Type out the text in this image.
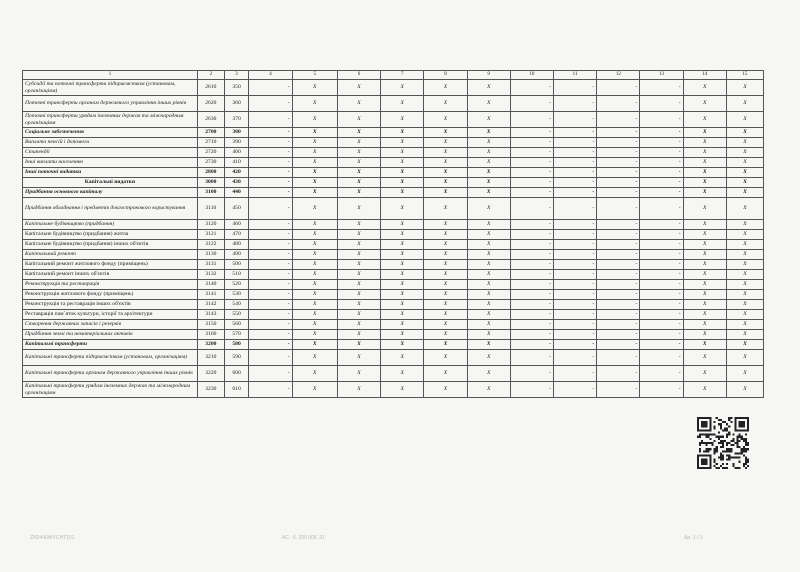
1	2	3	4	5	6	7	8	9	10	11	12	13	14	15
Субсидії та поточні трансферти підприємствам (установам, організаціям)	2610	350	-	X	X	X	X	X	-	-	-	-	X	X
Поточні трансферти органам державного управління інших рівнів	2620	360	-	X	X	X	X	X	-	-	-	-	X	X
Поточні трансферти урядам іноземних держав та міжнародним організаціям	2630	370	-	X	X	X	X	X	-	-	-	-	X	X
Соціальне забезпечення	2700	380	-	X	X	X	X	X	-	-	-	-	X	X
Виплата пенсій і допомоги	2710	390	-	X	X	X	X	X	-	-	-	-	X	X
Стипендії	2720	400	-	X	X	X	X	X	-	-	-	-	X	X
Інші виплати населенню	2730	410	-	X	X	X	X	X	-	-	-	-	X	X
Інші поточні видатки	2800	420	-	X	X	X	X	X	-	-	-	-	X	X
Капітальні видатки	3000	430	-	X	X	X	X	X	-	-	-	-	X	X
Придбання основного капіталу	3100	440	-	X	X	X	X	X	-	-	-	-	X	X
Придбання обладнання і предметів довгострокового користування	3110	450	-	X	X	X	X	X	-	-	-	-	X	X
Капітальне будівництво (придбання)	3120	460	-	X	X	X	X	X	-	-	-	-	X	X
Капітальне будівництво (придбання) житла	3121	470	-	X	X	X	X	X	-	-	-	-	X	X
Капітальне будівництво (придбання) інших об'єктів	3122	480	-	X	X	X	X	X	-	-	-	-	X	X
Капітальний ремонт	3130	490	-	X	X	X	X	X	-	-	-	-	X	X
Капітальний ремонт житлового фонду (приміщень)	3131	500	-	X	X	X	X	X	-	-	-	-	X	X
Капітальний ремонт інших об'єктів	3132	510	-	X	X	X	X	X	-	-	-	-	X	X
Реконструкція та реставрація	3140	520	-	X	X	X	X	X	-	-	-	-	X	X
Реконструкція житлового фонду (приміщень)	3141	530	-	X	X	X	X	X	-	-	-	-	X	X
Реконструкція та реставрація інших об'єктів	3142	540	-	X	X	X	X	X	-	-	-	-	X	X
Реставрація пам`яток культури, історії та архітектури	3143	550	-	X	X	X	X	X	-	-	-	-	X	X
Створення державних запасів і резервів	3150	560	-	X	X	X	X	X	-	-	-	-	X	X
Придбання землі та нематеріальних активів	3160	570	-	X	X	X	X	X	-	-	-	-	X	X
Капітальні трансферти	3200	580	-	X	X	X	X	X	-	-	-	-	X	X
Капітальні трансферти підприємствам (установам, організаціям)	3210	590	-	X	X	X	X	X	-	-	-	-	X	X
Капітальні трансферти органам державного управління інших рівнів	3220	600	-	X	X	X	X	X	-	-	-	-	X	X
Капітальні трансферти урядам іноземних держав та міжнародним організаціям	3230	610	-	X	X	X	X	X	-	-	-	-	X	X
ZN2440WVCHT101	АС : 6 ,200 008 ,31	Ар. 1 / 3
